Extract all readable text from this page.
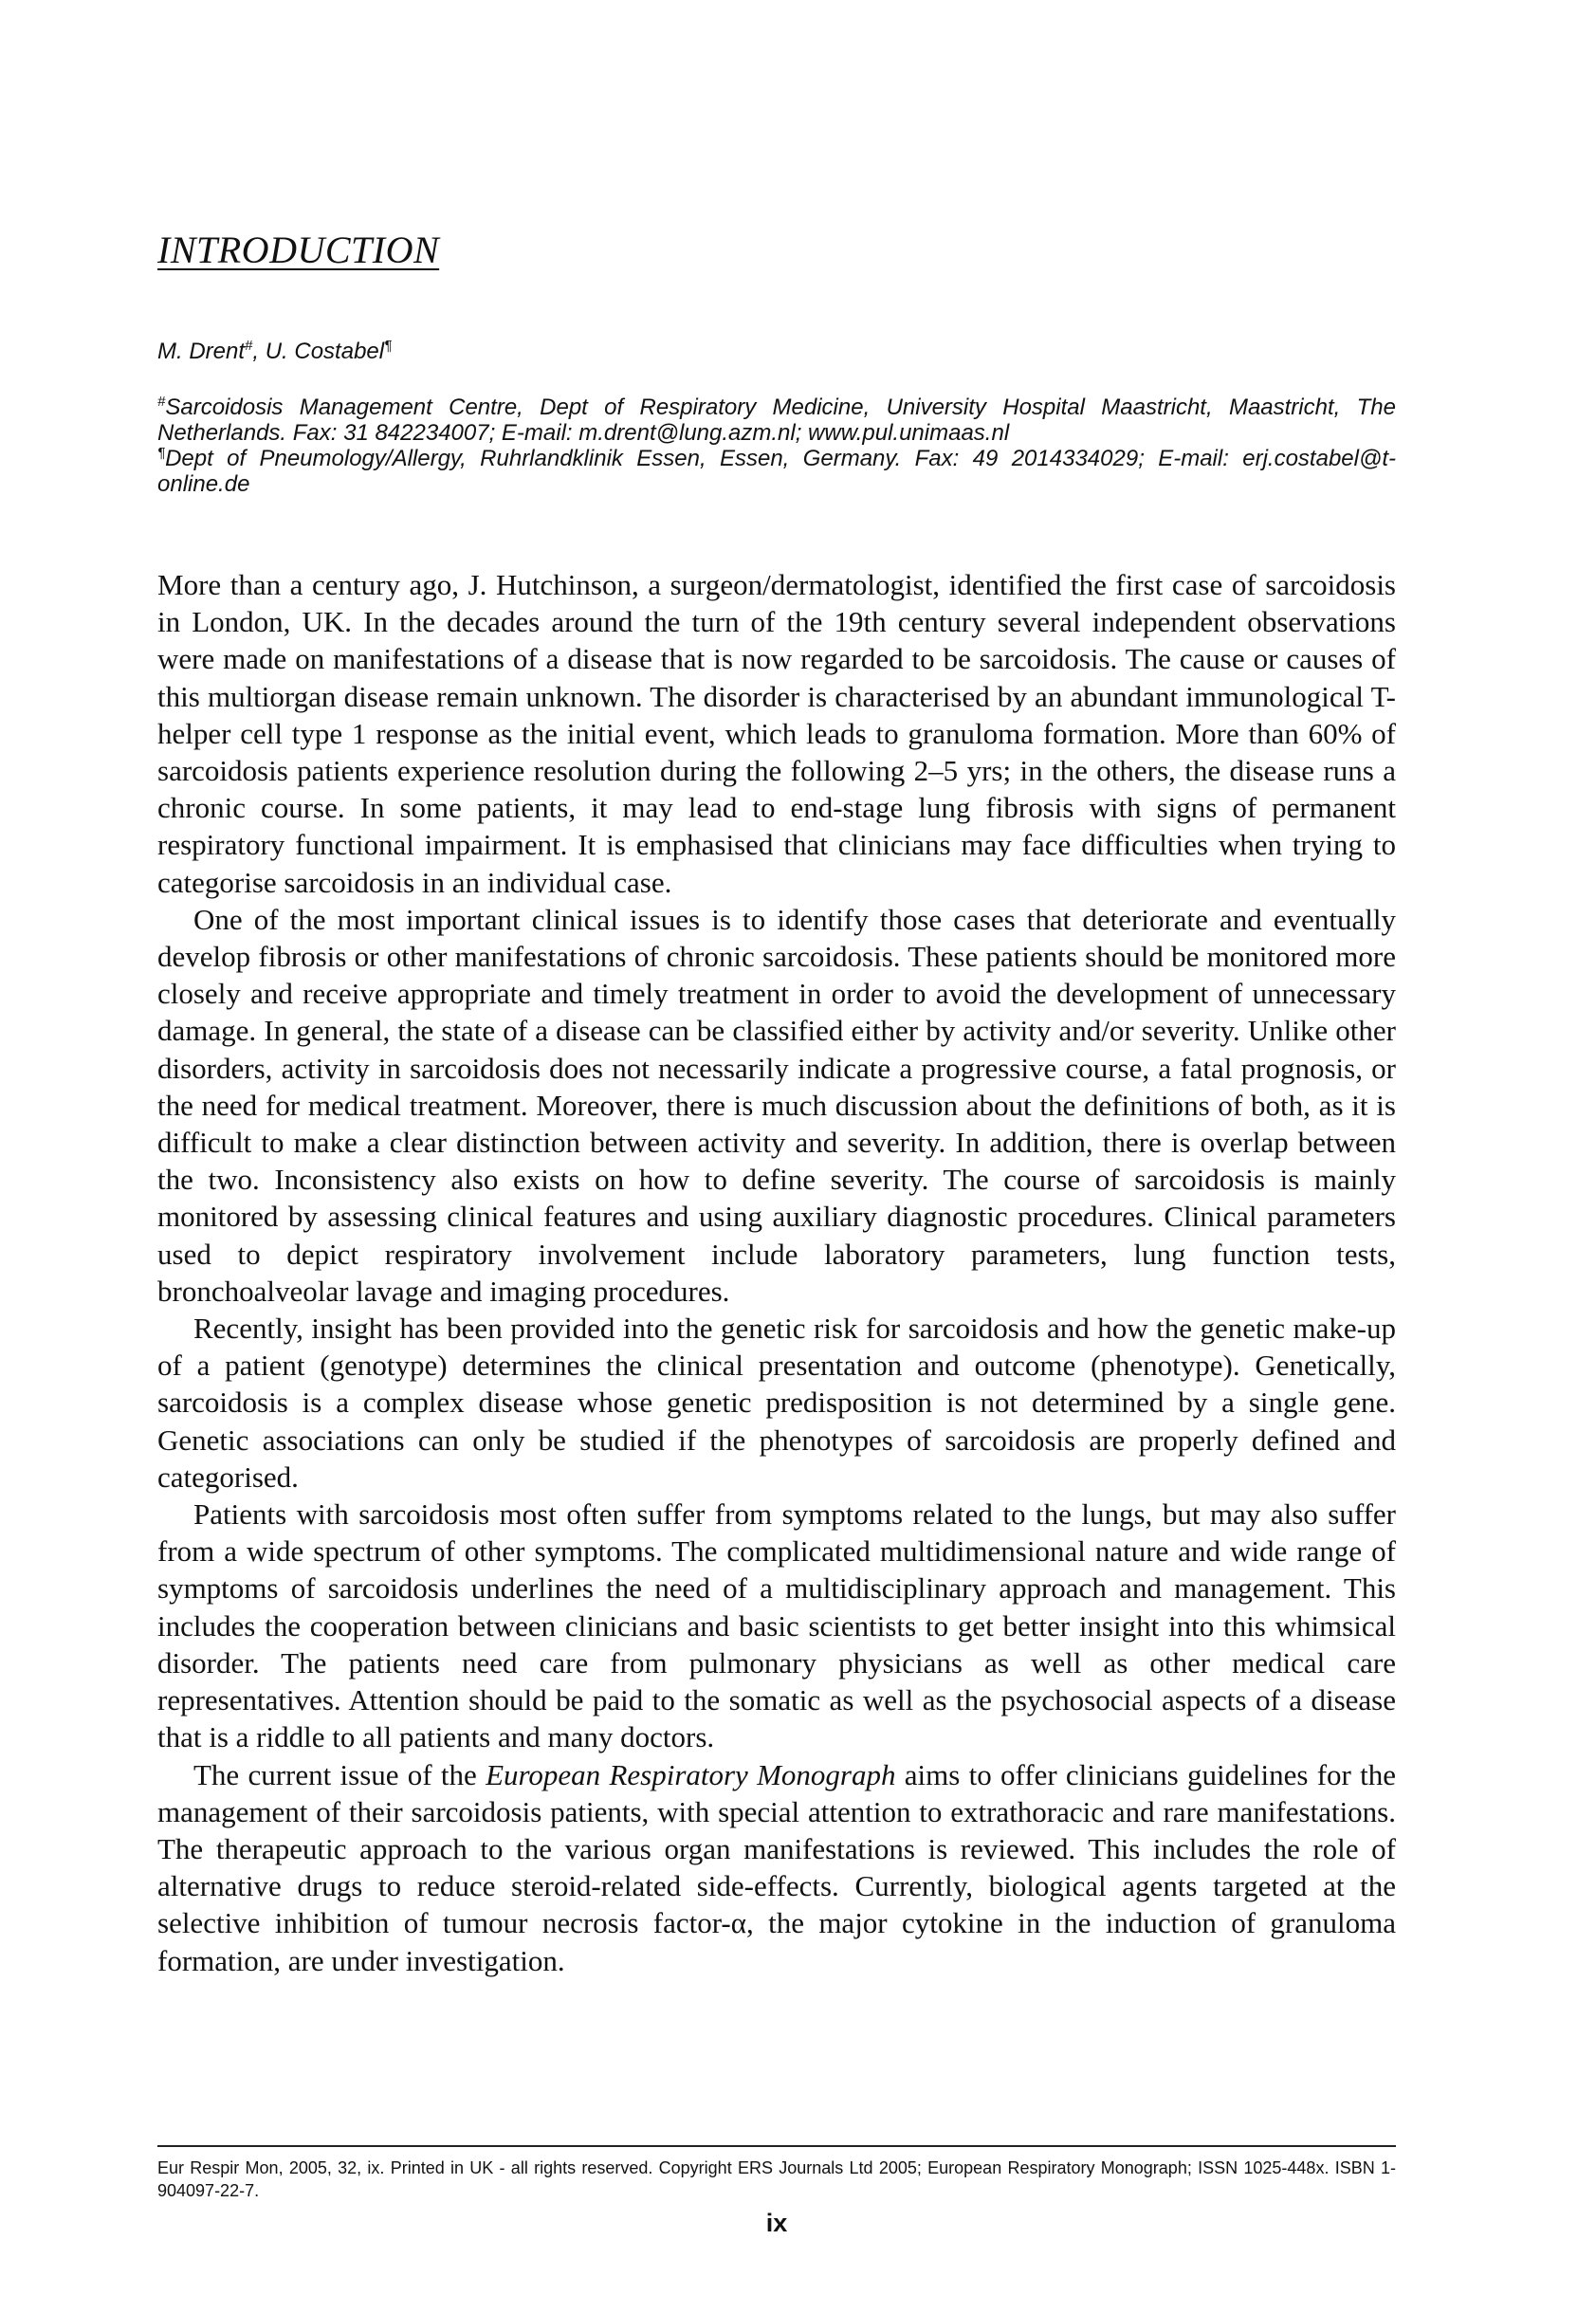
INTRODUCTION
M. Drent#, U. Costabel¶

#Sarcoidosis Management Centre, Dept of Respiratory Medicine, University Hospital Maastricht, Maastricht, The Netherlands. Fax: 31 842234007; E-mail: m.drent@lung.azm.nl; www.pul.unimaas.nl

¶Dept of Pneumology/Allergy, Ruhrlandklinik Essen, Essen, Germany. Fax: 49 2014334029; E-mail: erj.costabel@t-online.de

More than a century ago, J. Hutchinson, a surgeon/dermatologist, identified the first case of sarcoidosis in London, UK. In the decades around the turn of the 19th century several independent observations were made on manifestations of a disease that is now regarded to be sarcoidosis. The cause or causes of this multiorgan disease remain unknown. The disorder is characterised by an abundant immunological T-helper cell type 1 response as the initial event, which leads to granuloma formation. More than 60% of sarcoidosis patients experience resolution during the following 2–5 yrs; in the others, the disease runs a chronic course. In some patients, it may lead to end-stage lung fibrosis with signs of permanent respiratory functional impairment. It is emphasised that clinicians may face difficulties when trying to categorise sarcoidosis in an individual case.

One of the most important clinical issues is to identify those cases that deteriorate and eventually develop fibrosis or other manifestations of chronic sarcoidosis. These patients should be monitored more closely and receive appropriate and timely treatment in order to avoid the development of unnecessary damage. In general, the state of a disease can be classified either by activity and/or severity. Unlike other disorders, activity in sarcoidosis does not necessarily indicate a progressive course, a fatal prognosis, or the need for medical treatment. Moreover, there is much discussion about the definitions of both, as it is difficult to make a clear distinction between activity and severity. In addition, there is overlap between the two. Inconsistency also exists on how to define severity. The course of sarcoidosis is mainly monitored by assessing clinical features and using auxiliary diagnostic procedures. Clinical parameters used to depict respiratory involvement include laboratory parameters, lung function tests, bronchoalveolar lavage and imaging procedures.

Recently, insight has been provided into the genetic risk for sarcoidosis and how the genetic make-up of a patient (genotype) determines the clinical presentation and outcome (phenotype). Genetically, sarcoidosis is a complex disease whose genetic predisposition is not determined by a single gene. Genetic associations can only be studied if the phenotypes of sarcoidosis are properly defined and categorised.

Patients with sarcoidosis most often suffer from symptoms related to the lungs, but may also suffer from a wide spectrum of other symptoms. The complicated multidimensional nature and wide range of symptoms of sarcoidosis underlines the need of a multidisciplinary approach and management. This includes the cooperation between clinicians and basic scientists to get better insight into this whimsical disorder. The patients need care from pulmonary physicians as well as other medical care representatives. Attention should be paid to the somatic as well as the psychosocial aspects of a disease that is a riddle to all patients and many doctors.

The current issue of the European Respiratory Monograph aims to offer clinicians guidelines for the management of their sarcoidosis patients, with special attention to extrathoracic and rare manifestations. The therapeutic approach to the various organ manifestations is reviewed. This includes the role of alternative drugs to reduce steroid-related side-effects. Currently, biological agents targeted at the selective inhibition of tumour necrosis factor-α, the major cytokine in the induction of granuloma formation, are under investigation.

Eur Respir Mon, 2005, 32, ix. Printed in UK - all rights reserved. Copyright ERS Journals Ltd 2005; European Respiratory Monograph; ISSN 1025-448x. ISBN 1-904097-22-7.
ix
